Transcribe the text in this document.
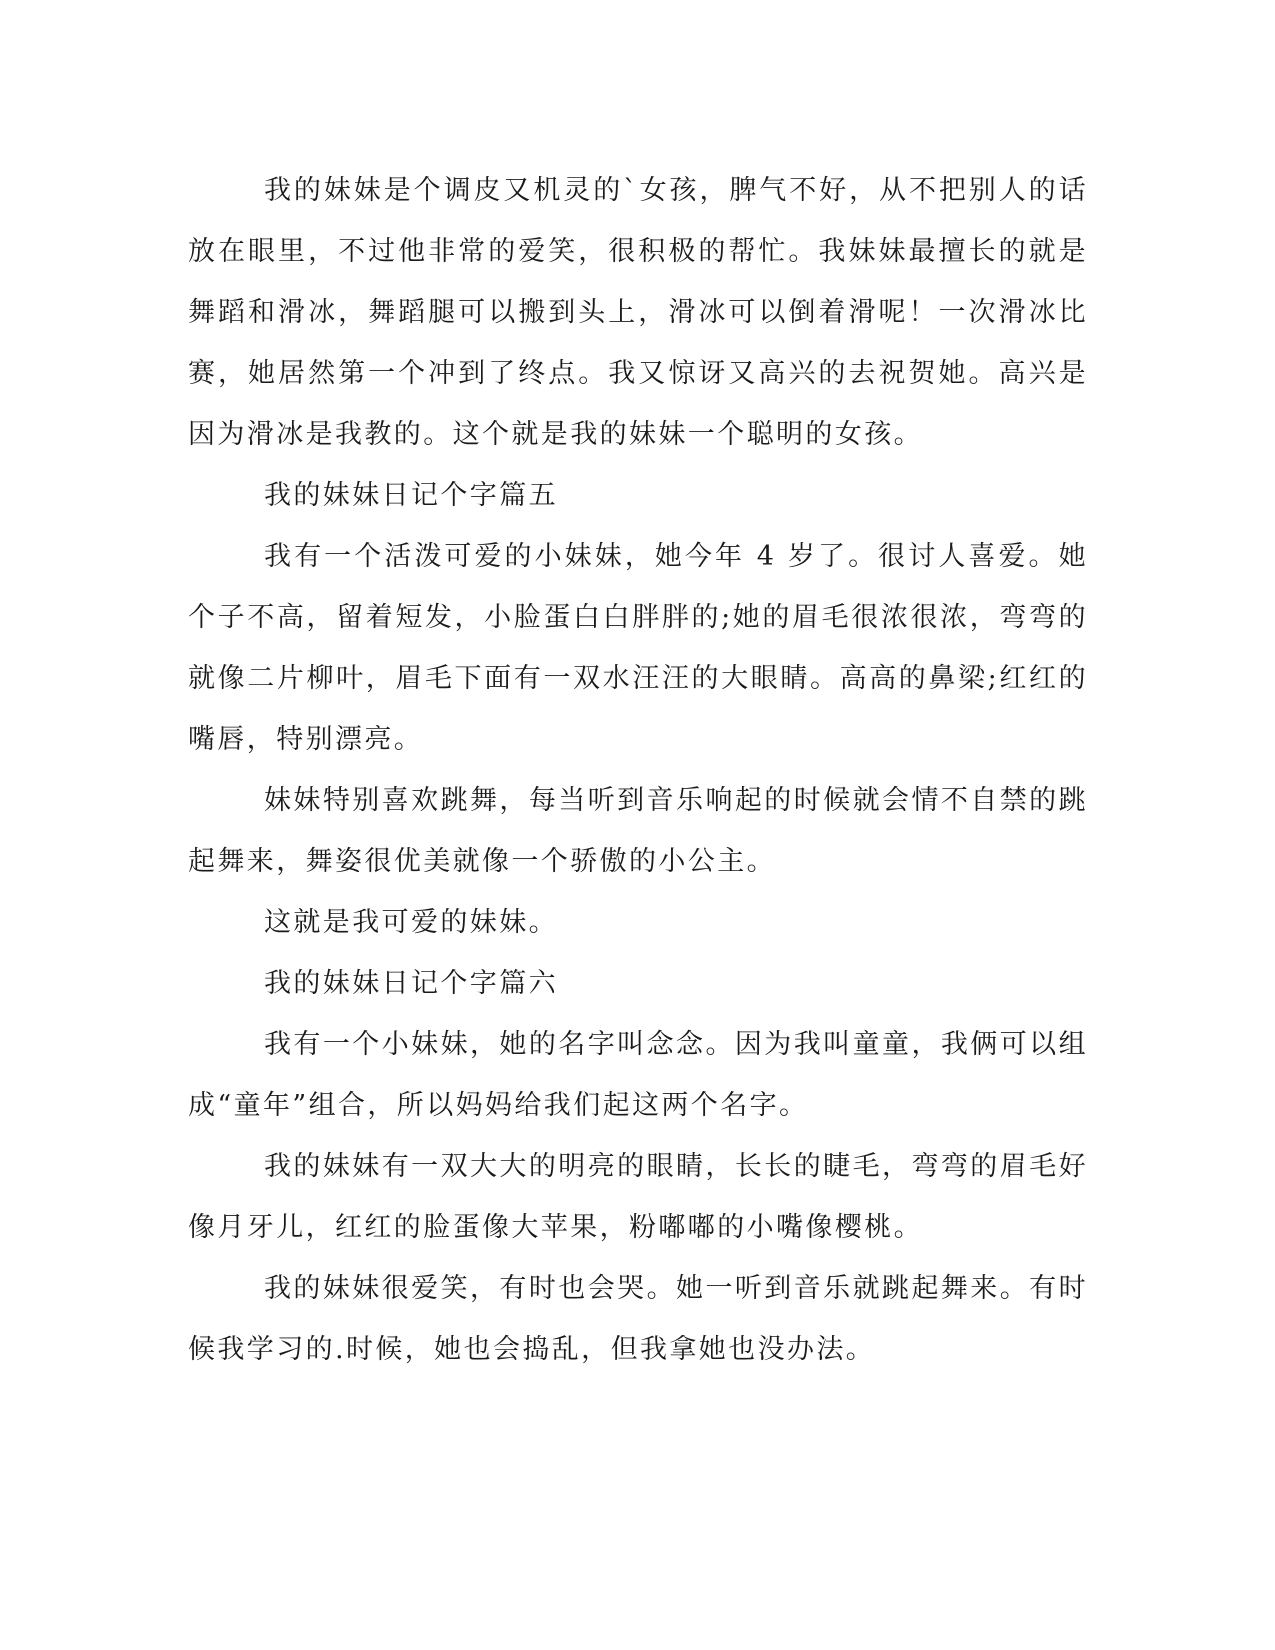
我的妹妹是个调皮又机灵的`女孩，脾气不好，从不把别人的话放在眼里，不过他非常的爱笑，很积极的帮忙。我妹妹最擅长的就是舞蹈和滑冰，舞蹈腿可以搬到头上，滑冰可以倒着滑呢！一次滑冰比赛，她居然第一个冲到了终点。我又惊讶又高兴的去祝贺她。高兴是因为滑冰是我教的。这个就是我的妹妹一个聪明的女孩。

我的妹妹日记个字篇五

我有一个活泼可爱的小妹妹，她今年 4 岁了。很讨人喜爱。她个子不高，留着短发，小脸蛋白白胖胖的;她的眉毛很浓很浓，弯弯的就像二片柳叶，眉毛下面有一双水汪汪的大眼睛。高高的鼻梁;红红的嘴唇，特别漂亮。

妹妹特别喜欢跳舞，每当听到音乐响起的时候就会情不自禁的跳起舞来，舞姿很优美就像一个骄傲的小公主。

这就是我可爱的妹妹。

我的妹妹日记个字篇六

我有一个小妹妹，她的名字叫念念。因为我叫童童，我俩可以组成“童年”组合，所以妈妈给我们起这两个名字。

我的妹妹有一双大大的明亮的眼睛，长长的睫毛，弯弯的眉毛好像月牙儿，红红的脸蛋像大苹果，粉嘟嘟的小嘴像樱桃。

我的妹妹很爱笑，有时也会哭。她一听到音乐就跳起舞来。有时候我学习的.时候，她也会捣乱，但我拿她也没办法。
